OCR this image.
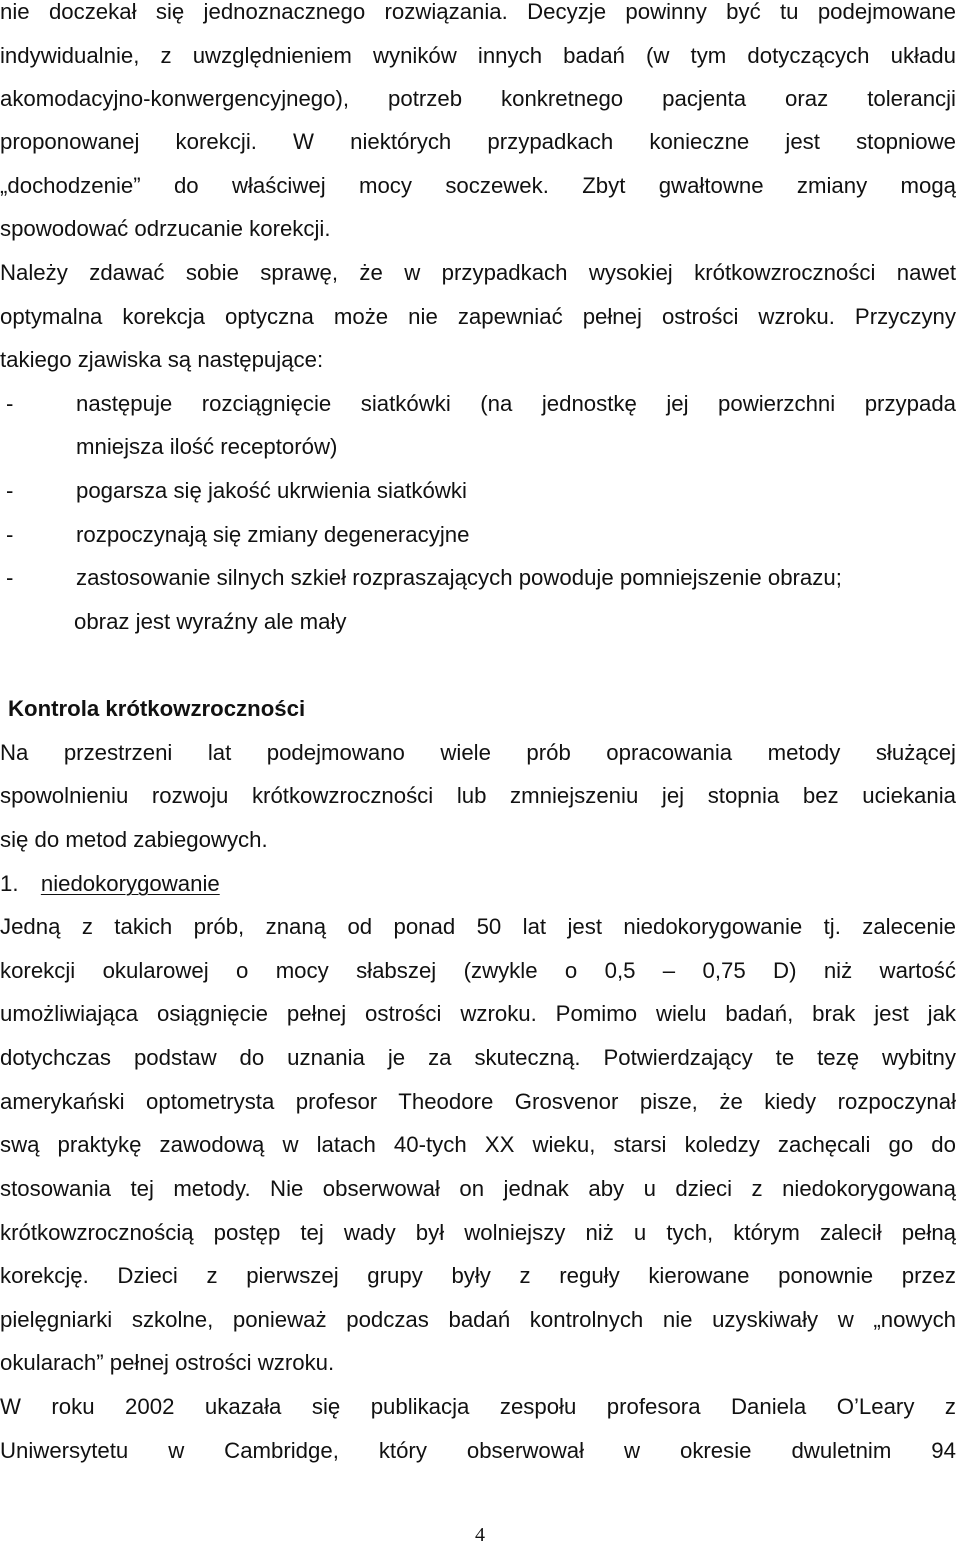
nie doczekał się jednoznacznego rozwiązania. Decyzje powinny być tu podejmowane
indywidualnie, z uwzględnieniem wyników innych badań (w tym dotyczących układu
akomodacyjno-konwergencyjnego), potrzeb konkretnego pacjenta oraz tolerancji
proponowanej korekcji. W niektórych przypadkach konieczne jest stopniowe
„dochodzenie” do właściwej mocy soczewek. Zbyt gwałtowne zmiany mogą
spowodować odrzucanie korekcji.
Należy zdawać sobie sprawę, że w przypadkach wysokiej krótkowzroczności nawet
optymalna korekcja optyczna może nie zapewniać pełnej ostrości wzroku. Przyczyny
takiego zjawiska są następujące:
-	następuje rozciągnięcie siatkówki (na jednostkę jej powierzchni przypada
mniejsza ilość receptorów)
-	pogarsza się jakość ukrwienia siatkówki
-	rozpoczynają się zmiany degeneracyjne
-	zastosowanie silnych szkieł rozpraszających powoduje pomniejszenie obrazu;
obraz jest wyraźny ale mały
Kontrola krótkowzroczności
Na przestrzeni lat podejmowano wiele prób opracowania metody służącej
spowolnieniu rozwoju krótkowzroczności lub zmniejszeniu jej stopnia bez uciekania
się do metod zabiegowych.
1. niedokorygowanie
Jedną z takich prób, znaną od ponad 50 lat jest niedokorygowanie tj. zalecenie
korekcji okularowej o mocy słabszej (zwykle o 0,5 – 0,75 D) niż wartość
umożliwiająca osiągnięcie pełnej ostrości wzroku. Pomimo wielu badań, brak jest jak
dotychczas podstaw do uznania je za skuteczną. Potwierdzający te tezę wybitny
amerykański optometrysta profesor Theodore Grosvenor pisze, że kiedy rozpoczynał
swą praktykę zawodową w latach 40-tych XX wieku, starsi koledzy zachęcali go do
stosowania tej metody. Nie obserwował on jednak aby u dzieci z niedokorygowaną
krótkowzrocznością postęp tej wady był wolniejszy niż u tych, którym zalecił pełną
korekcję. Dzieci z pierwszej grupy były z reguły kierowane ponownie przez
pielęgniarki szkolne, ponieważ podczas badań kontrolnych nie uzyskiwały w „nowych
okularach” pełnej ostrości wzroku.
W roku 2002 ukazała się publikacja zespołu profesora Daniela O’Leary z
Uniwersytetu w Cambridge, który obserwował w okresie dwuletnim 94
4
